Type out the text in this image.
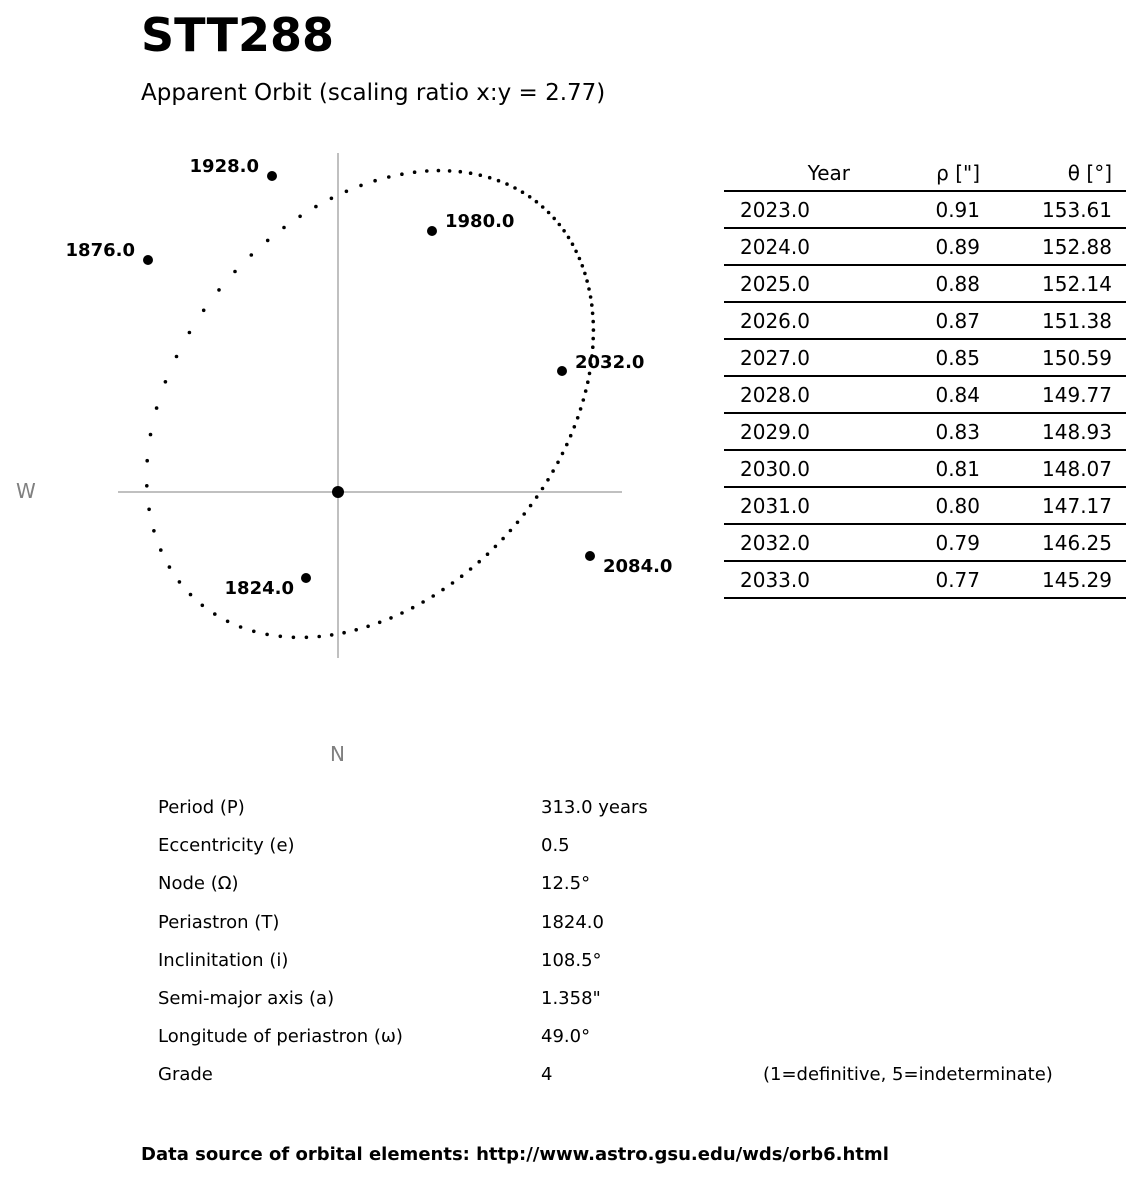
STT288
Apparent Orbit (scaling ratio x:y = 2.77)
1824.0
1876.0
1928.0
1980.0
2032.0
2084.0
W
N
Year	ρ ["]	θ [°]
2023.0	0.91	153.61
2024.0	0.89	152.88
2025.0	0.88	152.14
2026.0	0.87	151.38
2027.0	0.85	150.59
2028.0	0.84	149.77
2029.0	0.83	148.93
2030.0	0.81	148.07
2031.0	0.80	147.17
2032.0	0.79	146.25
2033.0	0.77	145.29
Period (P)	313.0 years
Eccentricity (e)	0.5
Node (Ω)	12.5°
Periastron (T)	1824.0
Inclinitation (i)	108.5°
Semi-major axis (a)	1.358"
Longitude of periastron (ω)	49.0°
Grade	4	(1=definitive, 5=indeterminate)
Data source of orbital elements: http://www.astro.gsu.edu/wds/orb6.html
